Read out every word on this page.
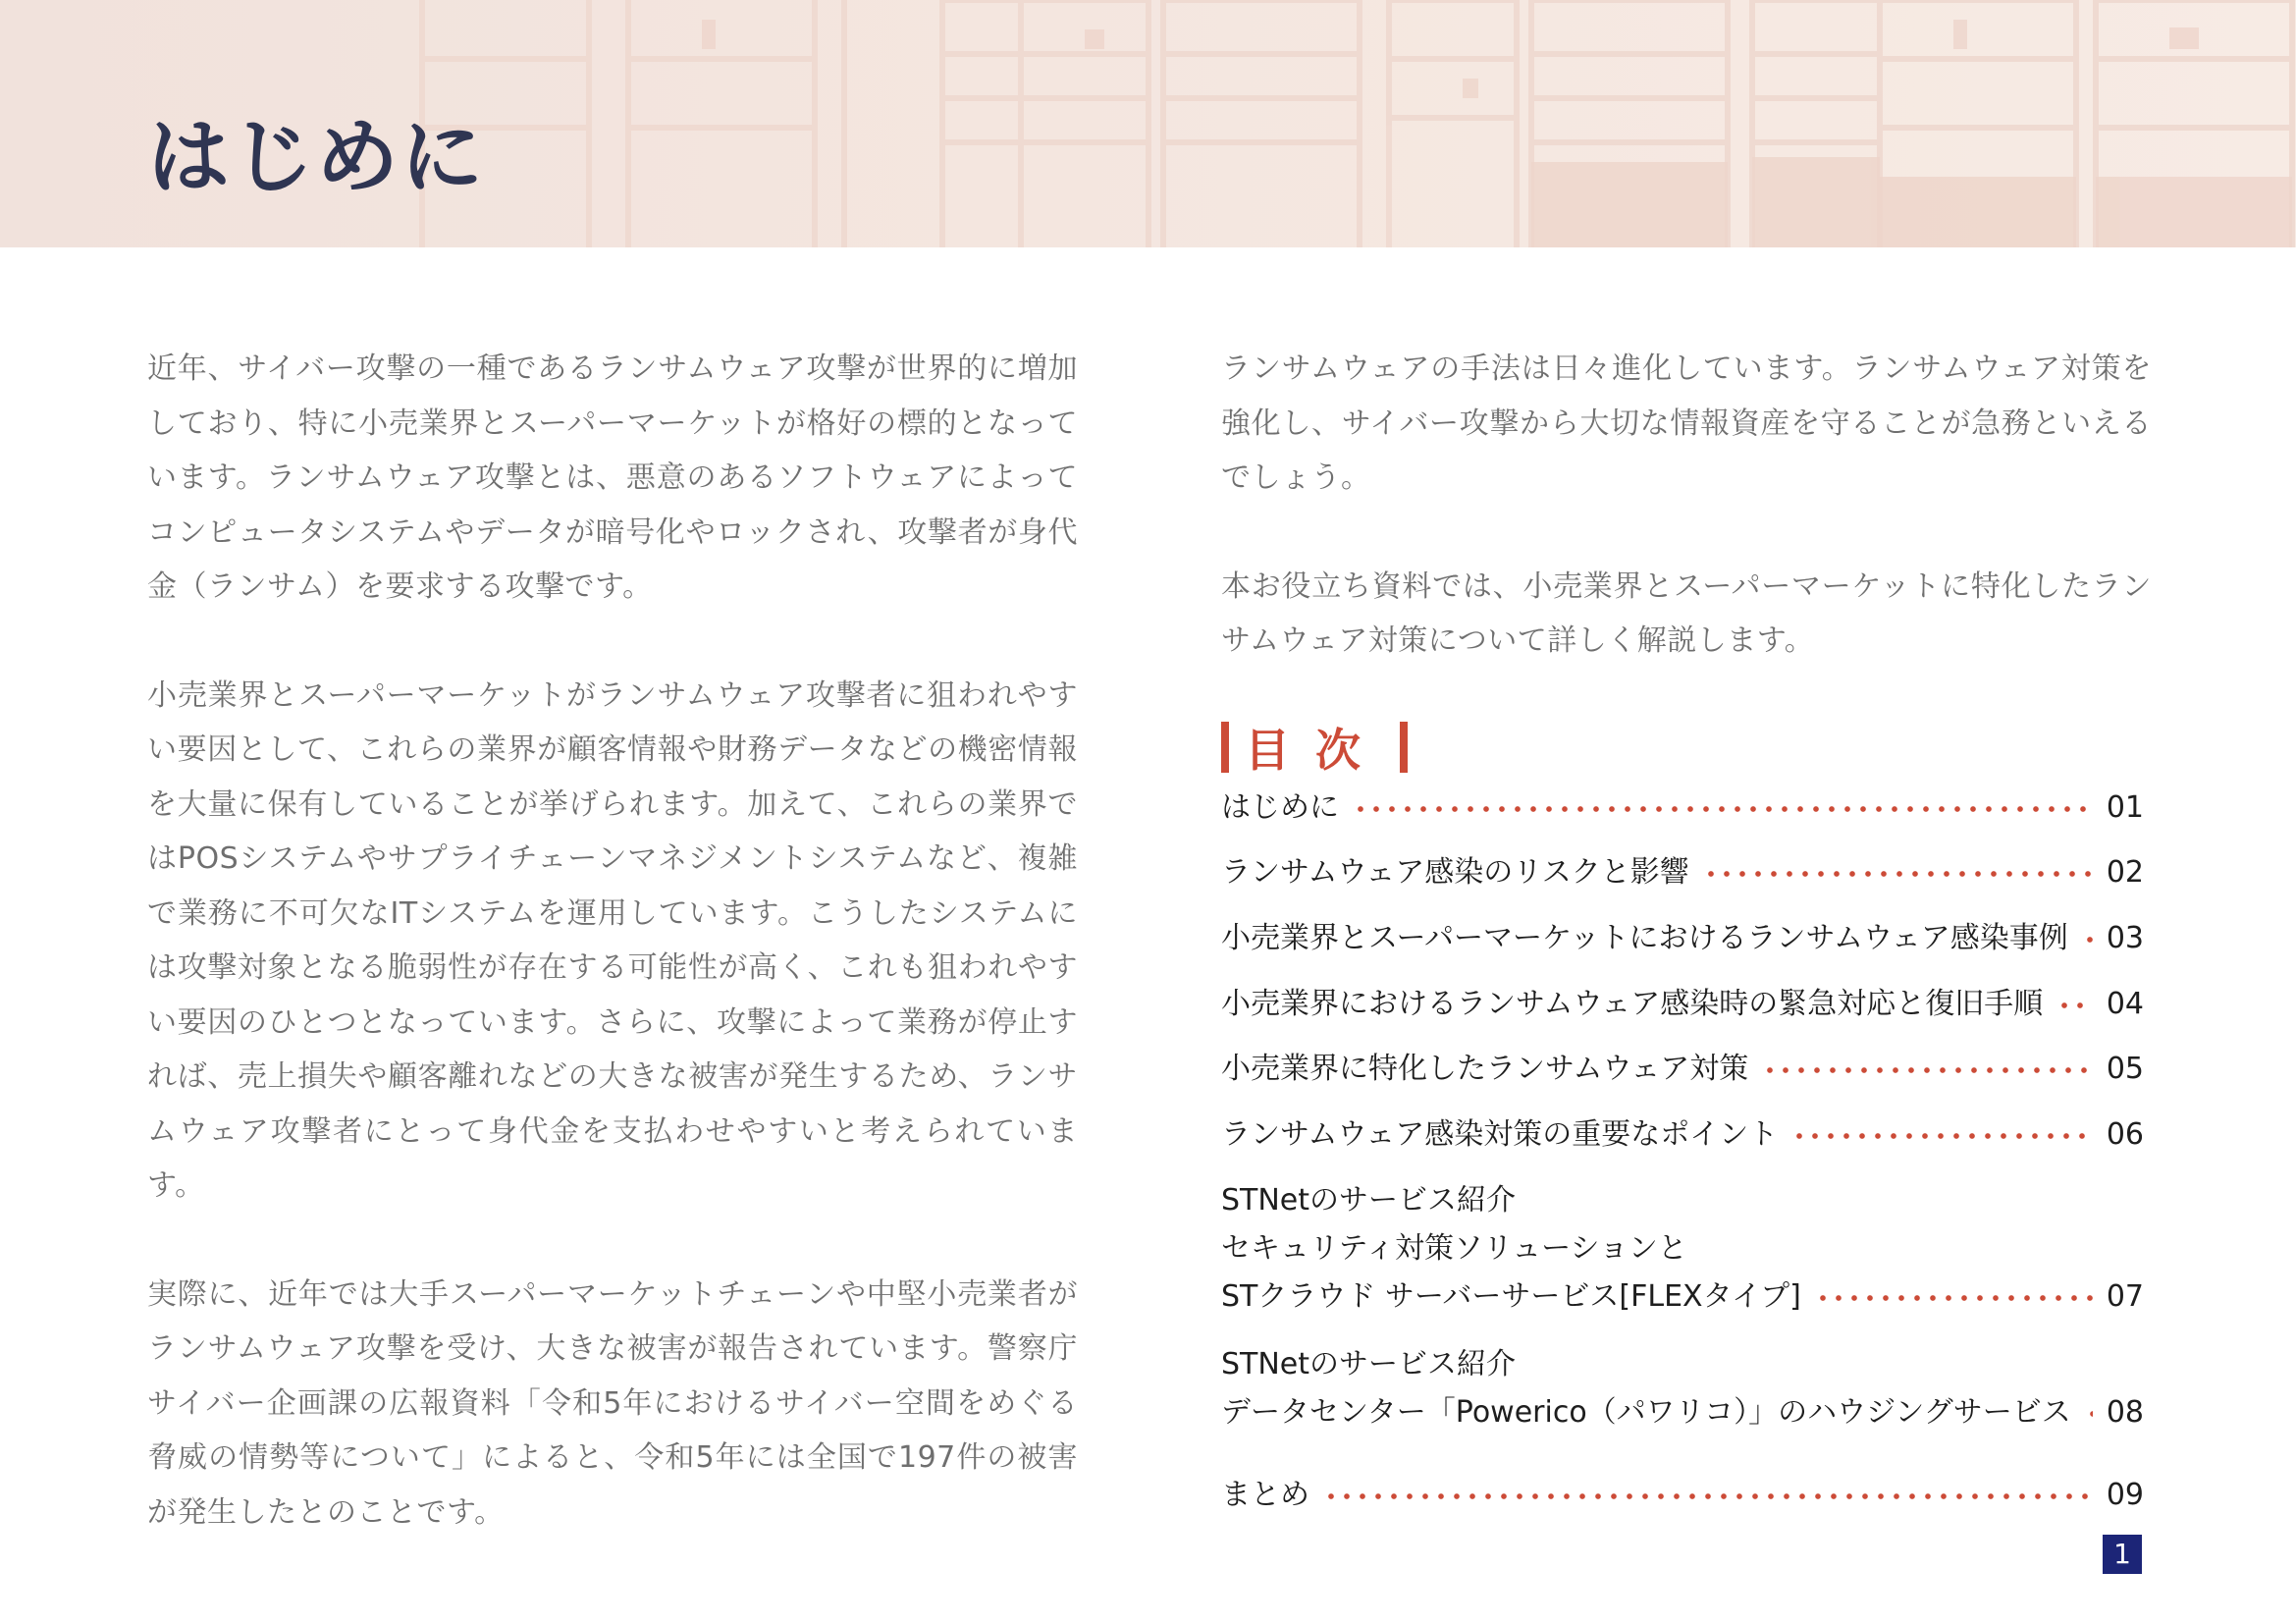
はじめに

近年、サイバー攻撃の一種であるランサムウェア攻撃が世界的に増加しており、特に小売業界とスーパーマーケットが格好の標的となっています。ランサムウェア攻撃とは、悪意のあるソフトウェアによってコンピュータシステムやデータが暗号化やロックされ、攻撃者が身代金（ランサム）を要求する攻撃です。

小売業界とスーパーマーケットがランサムウェア攻撃者に狙われやすい要因として、これらの業界が顧客情報や財務データなどの機密情報を大量に保有していることが挙げられます。加えて、これらの業界ではPOSシステムやサプライチェーンマネジメントシステムなど、複雑で業務に不可欠なITシステムを運用しています。こうしたシステムには攻撃対象となる脆弱性が存在する可能性が高く、これも狙われやすい要因のひとつとなっています。さらに、攻撃によって業務が停止すれば、売上損失や顧客離れなどの大きな被害が発生するため、ランサムウェア攻撃者にとって身代金を支払わせやすいと考えられています。

実際に、近年では大手スーパーマーケットチェーンや中堅小売業者がランサムウェア攻撃を受け、大きな被害が報告されています。警察庁サイバー企画課の広報資料「令和5年におけるサイバー空間をめぐる脅威の情勢等について」によると、令和5年には全国で197件の被害が発生したとのことです。

ランサムウェアの手法は日々進化しています。ランサムウェア対策を強化し、サイバー攻撃から大切な情報資産を守ることが急務といえるでしょう。

本お役立ち資料では、小売業界とスーパーマーケットに特化したランサムウェア対策について詳しく解説します。

目次
はじめに	01
ランサムウェア感染のリスクと影響	02
小売業界とスーパーマーケットにおけるランサムウェア感染事例 03
小売業界におけるランサムウェア感染時の緊急対応と復旧手順 04
小売業界に特化したランサムウェア対策	05
ランサムウェア感染対策の重要なポイント	06
STNetのサービス紹介
セキュリティ対策ソリューションと
STクラウド サーバーサービス[FLEXタイプ]	07
STNetのサービス紹介
データセンター「Powerico（パワリコ）」のハウジングサービス 08
まとめ	09
1
